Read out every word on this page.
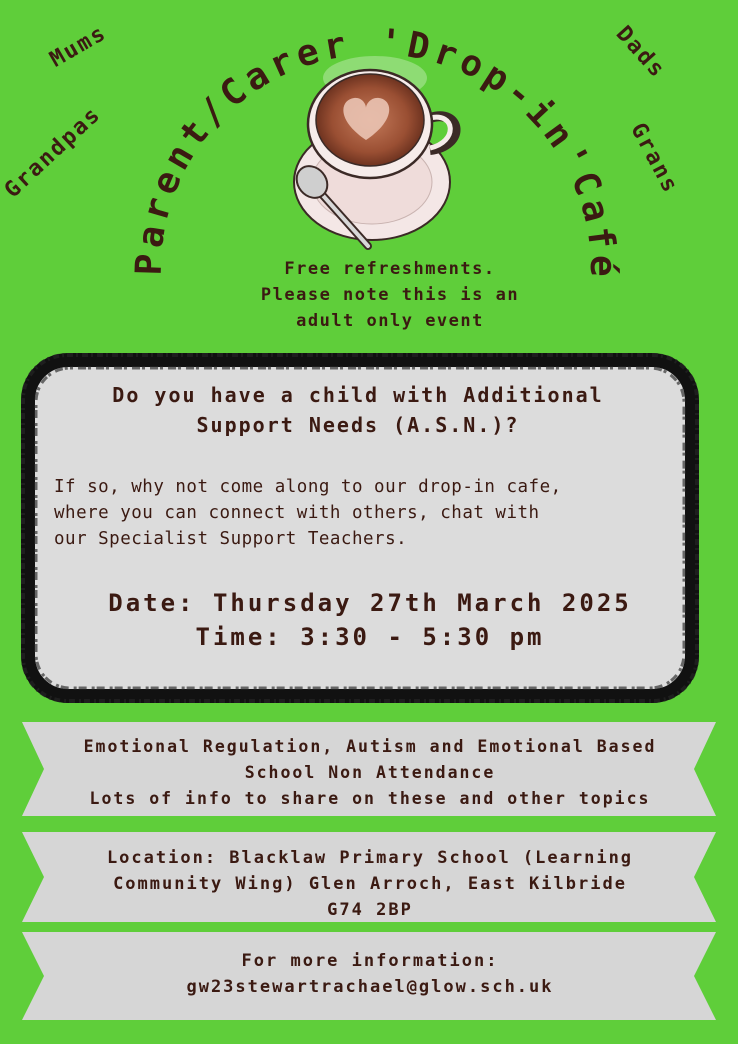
Mums
Grandpas
Dads
Grans
Parent/Carer 'Drop-in'Café
Free refreshments.
Please note this is an
adult only event
Do you have a child with Additional
Support Needs (A.S.N.)?
If so, why not come along to our drop-in cafe,
where you can connect with others, chat with
our Specialist Support Teachers.
Date: Thursday 27th March 2025
Time: 3:30 - 5:30 pm
Emotional Regulation, Autism and Emotional Based
School Non Attendance
Lots of info to share on these and other topics
Location: Blacklaw Primary School (Learning
Community Wing) Glen Arroch, East Kilbride
G74 2BP
For more information:
gw23stewartrachael@glow.sch.uk
